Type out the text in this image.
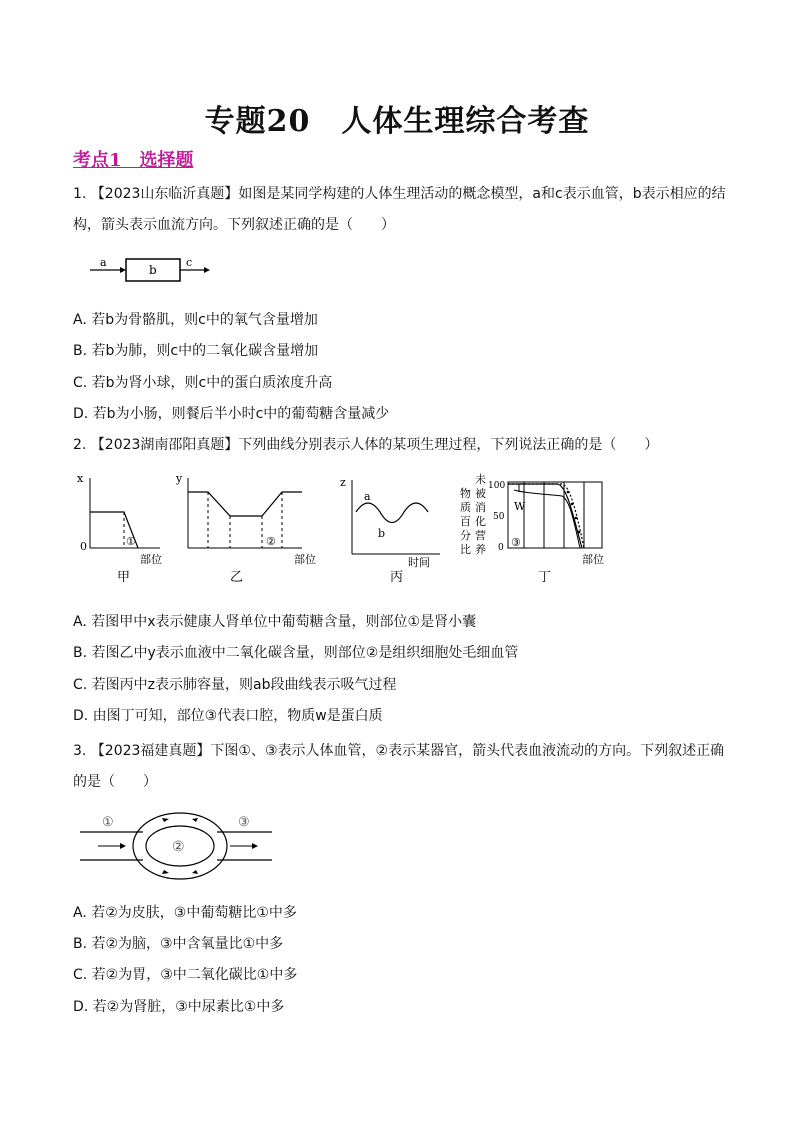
专题20　人体生理综合考查
考点1　选择题
1. 【2023山东临沂真题】如图是某同学构建的人体生理活动的概念模型，a和c表示血管，b表示相应的结构，箭头表示血流方向。下列叙述正确的是（　　）
a
b
c
A. 若b为骨骼肌，则c中的氧气含量增加
B. 若b为肺，则c中的二氧化碳含量增加
C. 若b为肾小球，则c中的蛋白质浓度升高
D. 若b为小肠，则餐后半小时c中的葡萄糖含量减少
2. 【2023湖南邵阳真题】下列曲线分别表示人体的某项生理过程，下列说法正确的是（　　）
x
0	①
部位
甲
y
②
部位
乙
z
a
b
时间
丙
物
质
百
分
比
未
被
消
化
营
养
100
50
0
W
③
部位
丁
A. 若图甲中x表示健康人肾单位中葡萄糖含量，则部位①是肾小囊
B. 若图乙中y表示血液中二氧化碳含量，则部位②是组织细胞处毛细血管
C. 若图丙中z表示肺容量，则ab段曲线表示吸气过程
D. 由图丁可知，部位③代表口腔，物质w是蛋白质
3. 【2023福建真题】下图①、③表示人体血管，②表示某器官，箭头代表血液流动的方向。下列叙述正确的是（　　）
①
②
③
A. 若②为皮肤，③中葡萄糖比①中多
B. 若②为脑，③中含氧量比①中多
C. 若②为胃，③中二氧化碳比①中多
D. 若②为肾脏，③中尿素比①中多
